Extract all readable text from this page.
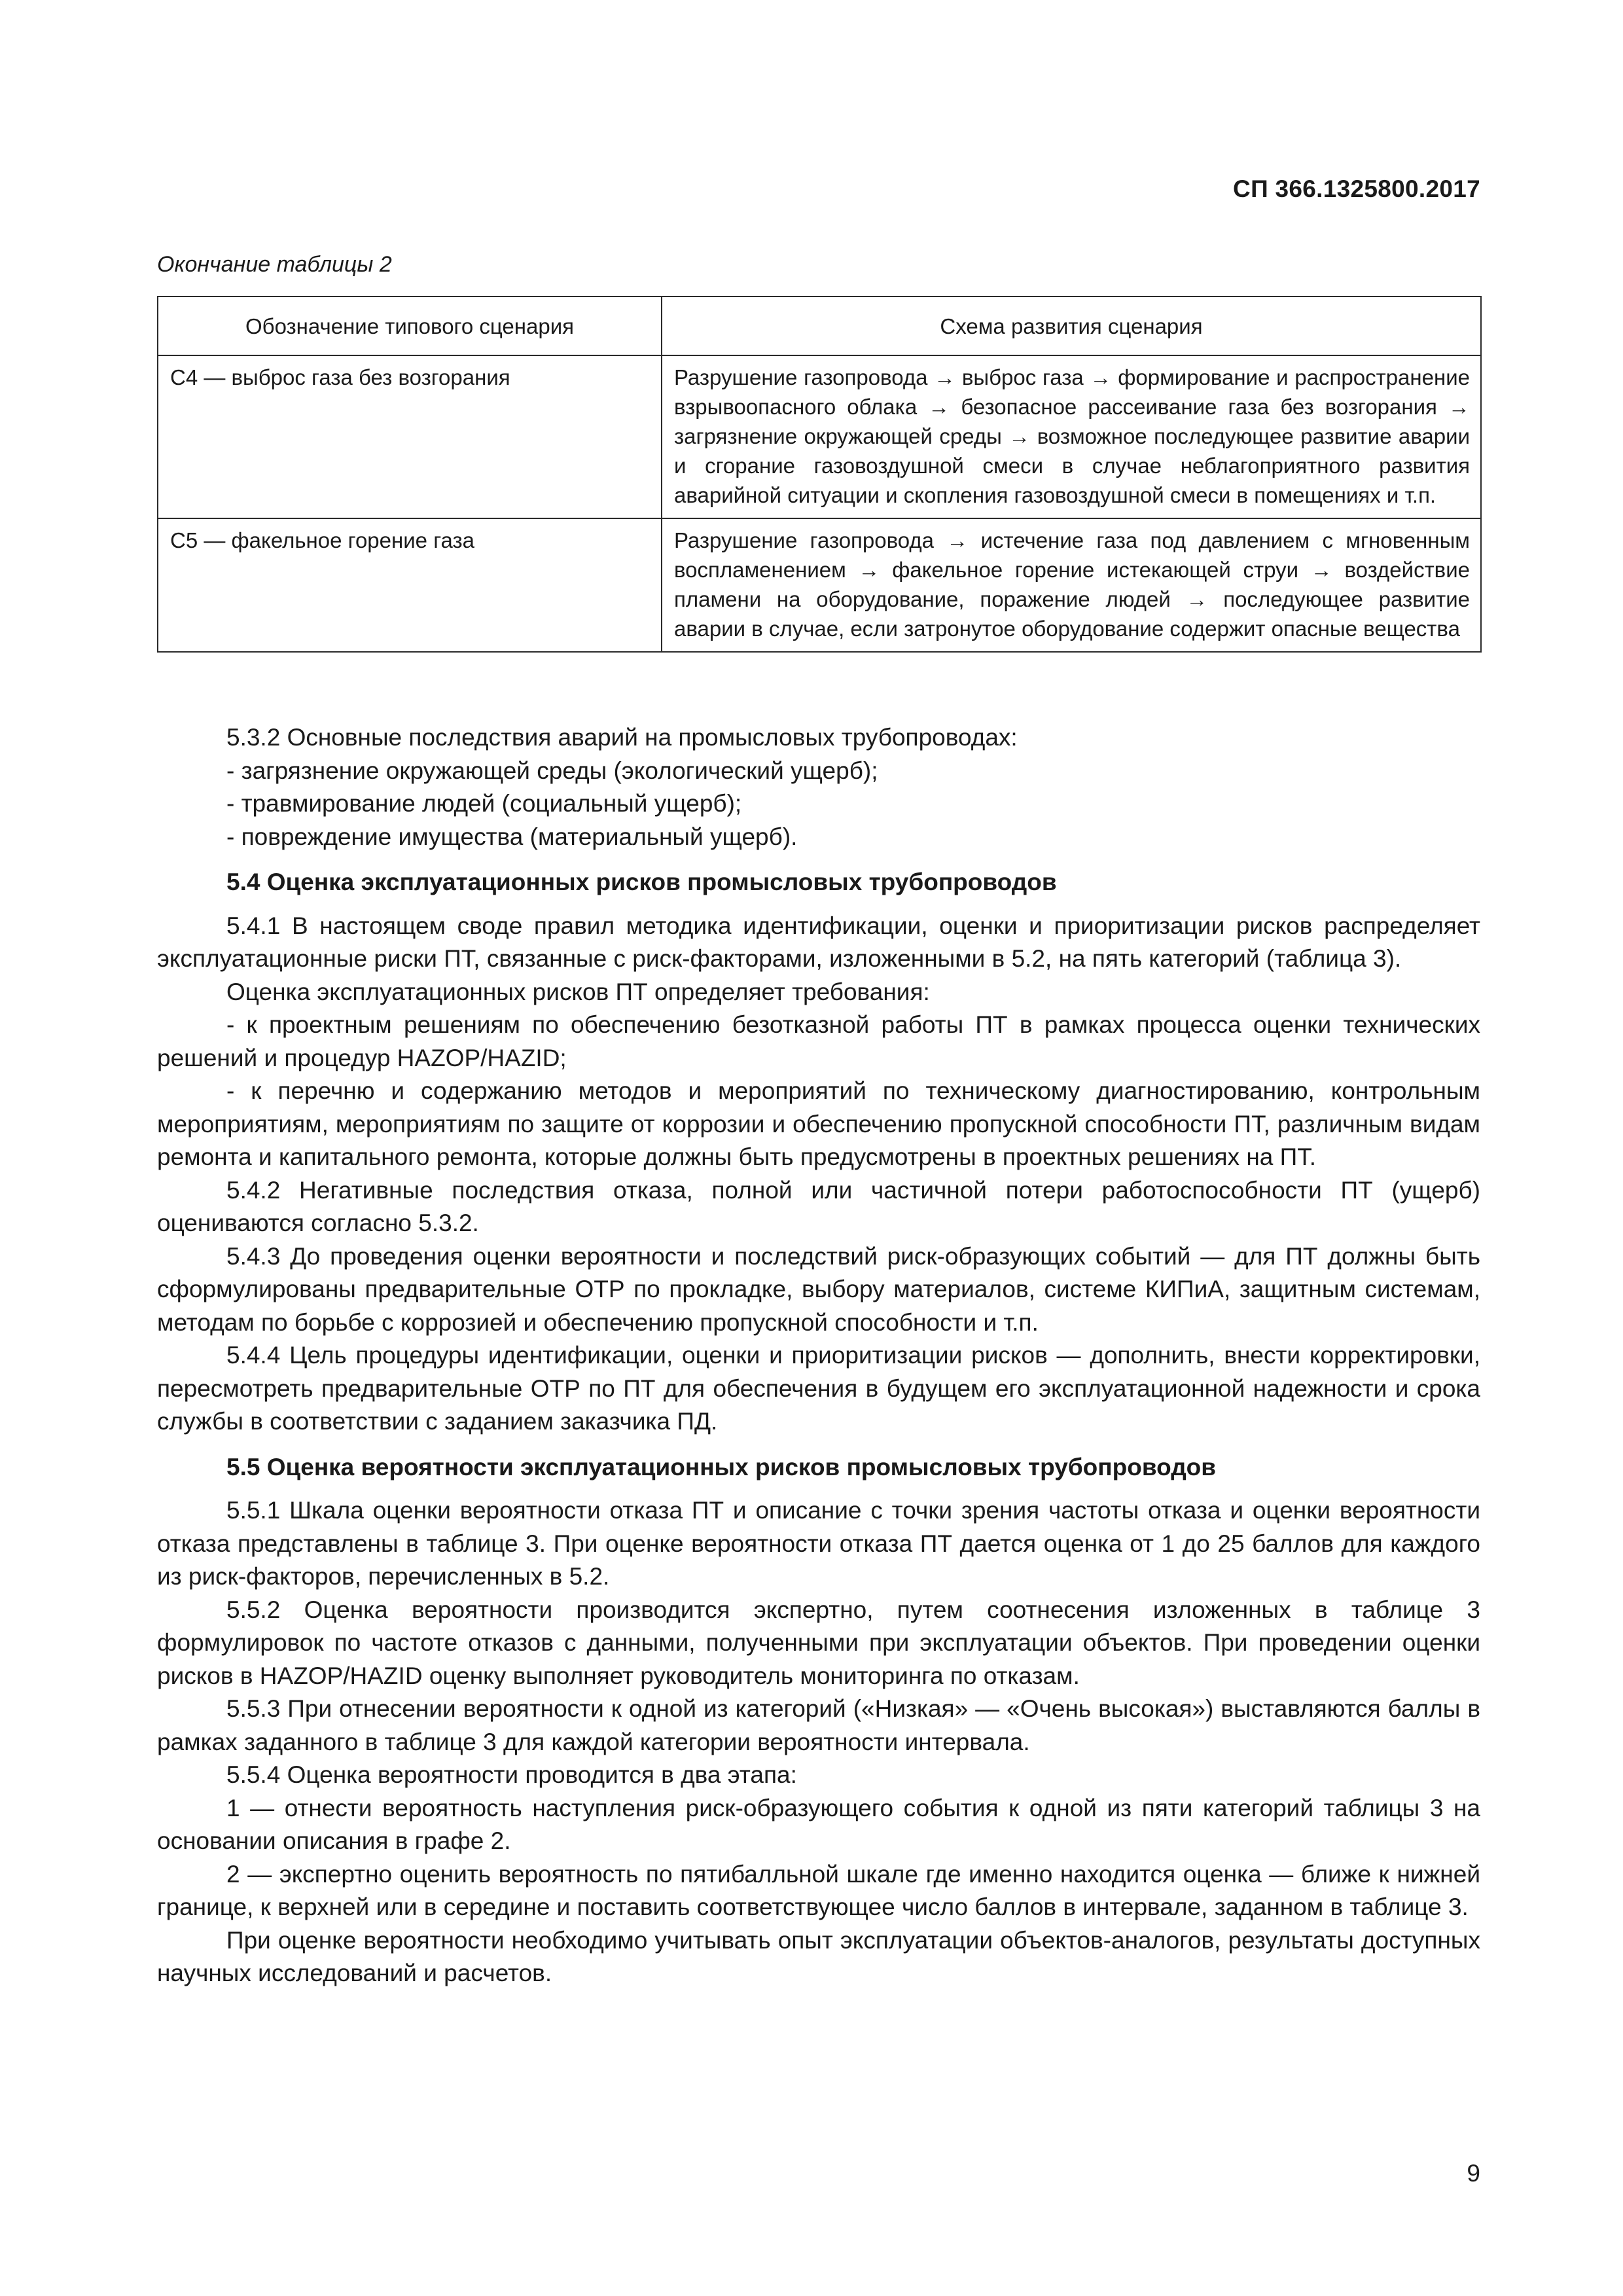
СП 366.1325800.2017
Окончание таблицы 2
Обозначение типового сценария	Схема развития сценария
С4 — выброс газа без возгорания	Разрушение газопровода → выброс газа → формирование и распространение взрывоопасного облака → безопасное рассеивание газа без возгорания → загрязнение окружающей среды → возможное последующее развитие аварии и сгорание газовоздушной смеси в случае неблагоприятного развития аварийной ситуации и скопления газовоздушной смеси в помещениях и т.п.
С5 — факельное горение газа	Разрушение газопровода → истечение газа под давлением с мгновенным воспламенением → факельное горение истекающей струи → воздействие пламени на оборудование, поражение людей → последующее развитие аварии в случае, если затронутое оборудование содержит опасные вещества

5.3.2 Основные последствия аварий на промысловых трубопроводах:

- загрязнение окружающей среды (экологический ущерб);

- травмирование людей (социальный ущерб);

- повреждение имущества (материальный ущерб).

5.4 Оценка эксплуатационных рисков промысловых трубопроводов

5.4.1 В настоящем своде правил методика идентификации, оценки и приоритизации рисков распределяет эксплуатационные риски ПТ, связанные с риск-факторами, изложенными в 5.2, на пять категорий (таблица 3).

Оценка эксплуатационных рисков ПТ определяет требования:

- к проектным решениям по обеспечению безотказной работы ПТ в рамках процесса оценки технических решений и процедур HAZOP/HAZID;

- к перечню и содержанию методов и мероприятий по техническому диагностированию, контрольным мероприятиям, мероприятиям по защите от коррозии и обеспечению пропускной способности ПТ, различным видам ремонта и капитального ремонта, которые должны быть предусмотрены в проектных решениях на ПТ.

5.4.2 Негативные последствия отказа, полной или частичной потери работоспособности ПТ (ущерб) оцениваются согласно 5.3.2.

5.4.3 До проведения оценки вероятности и последствий риск-образующих событий — для ПТ должны быть сформулированы предварительные ОТР по прокладке, выбору материалов, системе КИПиА, защитным системам, методам по борьбе с коррозией и обеспечению пропускной способности и т.п.

5.4.4 Цель процедуры идентификации, оценки и приоритизации рисков — дополнить, внести корректировки, пересмотреть предварительные ОТР по ПТ для обеспечения в будущем его эксплуатационной надежности и срока службы в соответствии с заданием заказчика ПД.

5.5 Оценка вероятности эксплуатационных рисков промысловых трубопроводов

5.5.1 Шкала оценки вероятности отказа ПТ и описание с точки зрения частоты отказа и оценки вероятности отказа представлены в таблице 3. При оценке вероятности отказа ПТ дается оценка от 1 до 25 баллов для каждого из риск-факторов, перечисленных в 5.2.

5.5.2 Оценка вероятности производится экспертно, путем соотнесения изложенных в таблице 3 формулировок по частоте отказов с данными, полученными при эксплуатации объектов. При проведении оценки рисков в HAZOP/HAZID оценку выполняет руководитель мониторинга по отказам.

5.5.3 При отнесении вероятности к одной из категорий («Низкая» — «Очень высокая») выставляются баллы в рамках заданного в таблице 3 для каждой категории вероятности интервала.

5.5.4 Оценка вероятности проводится в два этапа:

1 — отнести вероятность наступления риск-образующего события к одной из пяти категорий таблицы 3 на основании описания в графе 2.

2 — экспертно оценить вероятность по пятибалльной шкале где именно находится оценка — ближе к нижней границе, к верхней или в середине и поставить соответствующее число баллов в интервале, заданном в таблице 3.

При оценке вероятности необходимо учитывать опыт эксплуатации объектов-аналогов, результаты доступных научных исследований и расчетов.

9
